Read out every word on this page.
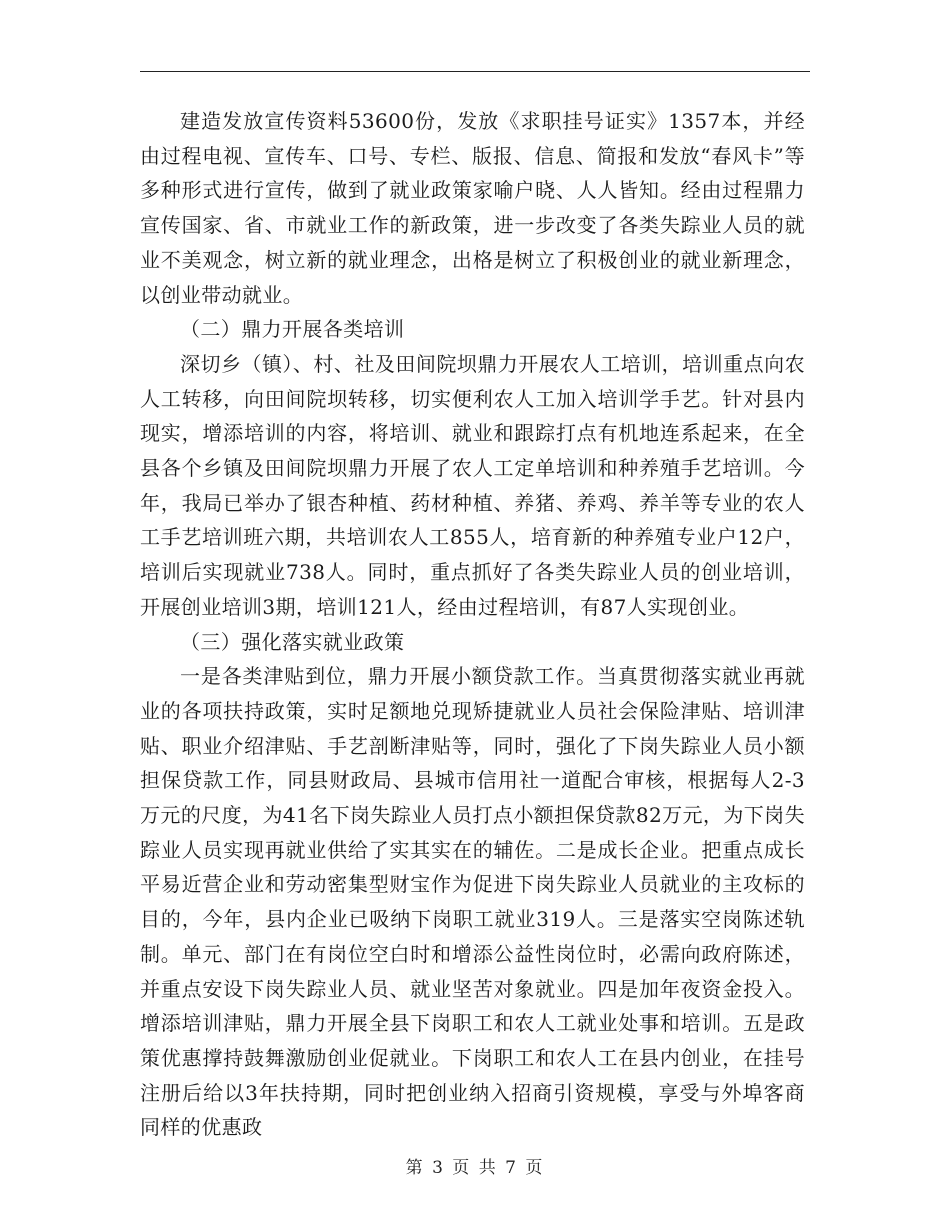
建造发放宣传资料53600份，发放《求职挂号证实》1357本，并经由过程电视、宣传车、口号、专栏、版报、信息、简报和发放“春风卡”等多种形式进行宣传，做到了就业政策家喻户晓、人人皆知。经由过程鼎力宣传国家、省、市就业工作的新政策，进一步改变了各类失踪业人员的就业不美观念，树立新的就业理念，出格是树立了积极创业的就业新理念，以创业带动就业。

（二）鼎力开展各类培训

深切乡（镇）、村、社及田间院坝鼎力开展农人工培训，培训重点向农人工转移，向田间院坝转移，切实便利农人工加入培训学手艺。针对县内现实，增添培训的内容，将培训、就业和跟踪打点有机地连系起来，在全县各个乡镇及田间院坝鼎力开展了农人工定单培训和种养殖手艺培训。今年，我局已举办了银杏种植、药材种植、养猪、养鸡、养羊等专业的农人工手艺培训班六期，共培训农人工855人，培育新的种养殖专业户12户，培训后实现就业738人。同时，重点抓好了各类失踪业人员的创业培训，开展创业培训3期，培训121人，经由过程培训，有87人实现创业。

（三）强化落实就业政策

一是各类津贴到位，鼎力开展小额贷款工作。当真贯彻落实就业再就业的各项扶持政策，实时足额地兑现矫捷就业人员社会保险津贴、培训津贴、职业介绍津贴、手艺剖断津贴等，同时，强化了下岗失踪业人员小额担保贷款工作，同县财政局、县城市信用社一道配合审核，根据每人2-3万元的尺度，为41名下岗失踪业人员打点小额担保贷款82万元，为下岗失踪业人员实现再就业供给了实其实在的辅佐。二是成长企业。把重点成长平易近营企业和劳动密集型财宝作为促进下岗失踪业人员就业的主攻标的目的，今年，县内企业已吸纳下岗职工就业319人。三是落实空岗陈述轨制。单元、部门在有岗位空白时和增添公益性岗位时，必需向政府陈述，并重点安设下岗失踪业人员、就业坚苦对象就业。四是加年夜资金投入。增添培训津贴，鼎力开展全县下岗职工和农人工就业处事和培训。五是政策优惠撑持鼓舞激励创业促就业。下岗职工和农人工在县内创业，在挂号注册后给以3年扶持期，同时把创业纳入招商引资规模，享受与外埠客商同样的优惠政

第 3 页 共 7 页
